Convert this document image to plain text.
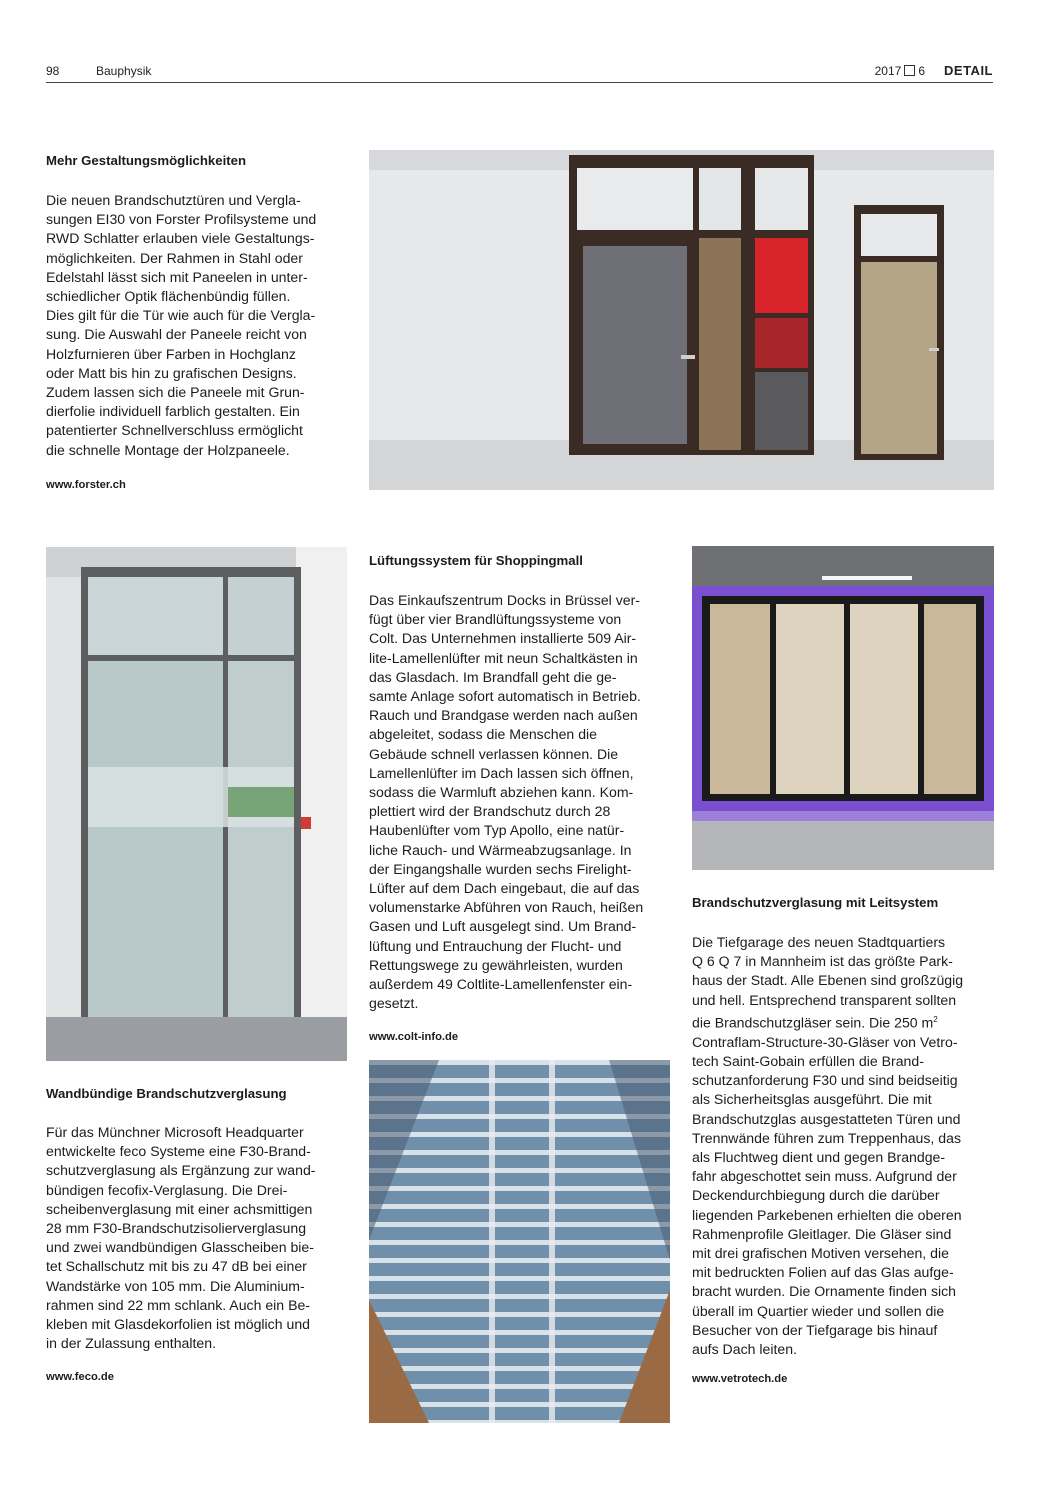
98	Bauphysik	2017 6 DETAIL
Mehr Gestaltungsmöglichkeiten

Die neuen Brandschutztüren und Vergla-
sungen EI30 von Forster Profilsysteme und
RWD Schlatter erlauben viele Gestaltungs-
möglichkeiten. Der Rahmen in Stahl oder
Edelstahl lässt sich mit Paneelen in unter-
schiedlicher Optik flächenbündig füllen.
Dies gilt für die Tür wie auch für die Vergla-
sung. Die Auswahl der Paneele reicht von
Holzfurnieren über Farben in Hochglanz
oder Matt bis hin zu grafischen Designs.
Zudem lassen sich die Paneele mit Grun-
dierfolie individuell farblich gestalten. Ein
patentierter Schnellverschluss ermöglicht
die schnelle Montage der Holzpaneele.

www.forster.ch
Lüftungssystem für Shoppingmall

Das Einkaufszentrum Docks in Brüssel ver-
fügt über vier Brandlüftungssysteme von
Colt. Das Unternehmen installierte 509 Air-
lite-Lamellenlüfter mit neun Schaltkästen in
das Glasdach. Im Brandfall geht die ge-
samte Anlage sofort automatisch in Betrieb.
Rauch und Brandgase werden nach außen
abgeleitet, sodass die Menschen die
Gebäude schnell verlassen können. Die
Lamellenlüfter im Dach lassen sich öffnen,
sodass die Warmluft abziehen kann. Kom-
plettiert wird der Brandschutz durch 28
Haubenlüfter vom Typ Apollo, eine natür-
liche Rauch- und Wärmeabzugsanlage. In
der Eingangshalle wurden sechs Firelight-
Lüfter auf dem Dach eingebaut, die auf das
volumenstarke Abführen von Rauch, heißen
Gasen und Luft ausgelegt sind. Um Brand-
lüftung und Entrauchung der Flucht- und
Rettungswege zu gewährleisten, wurden
außerdem 49 Coltlite-Lamellenfenster ein-
gesetzt.

www.colt-info.de
Brandschutzverglasung mit Leitsystem

Die Tiefgarage des neuen Stadtquartiers
Q 6 Q 7 in Mannheim ist das größte Park-
haus der Stadt. Alle Ebenen sind großzügig
und hell. Entsprechend transparent sollten
die Brandschutzgläser sein. Die 250 $m^2$
Contraflam-Structure-30-Gläser von Vetro-
tech Saint-Gobain erfüllen die Brand-
schutzanforderung F30 und sind beidseitig
als Sicherheitsglas ausgeführt. Die mit
Brandschutzglas ausgestatteten Türen und
Trennwände führen zum Treppenhaus, das
als Fluchtweg dient und gegen Brandge-
fahr abgeschottet sein muss. Aufgrund der
Deckendurchbiegung durch die darüber
liegenden Parkebenen erhielten die oberen
Rahmenprofile Gleitlager. Die Gläser sind
mit drei grafischen Motiven versehen, die
mit bedruckten Folien auf das Glas aufge-
bracht wurden. Die Ornamente finden sich
überall im Quartier wieder und sollen die
Besucher von der Tiefgarage bis hinauf
aufs Dach leiten.

www.vetrotech.de
Wandbündige Brandschutzverglasung

Für das Münchner Microsoft Headquarter
entwickelte feco Systeme eine F30-Brand-
schutzverglasung als Ergänzung zur wand-
bündigen fecofix-Verglasung. Die Drei-
scheibenverglasung mit einer achsmittigen
28 mm F30-Brandschutzisolierverglasung
und zwei wandbündigen Glasscheiben bie-
tet Schallschutz mit bis zu 47 dB bei einer
Wandstärke von 105 mm. Die Aluminium-
rahmen sind 22 mm schlank. Auch ein Be-
kleben mit Glasdekorfolien ist möglich und
in der Zulassung enthalten.

www.feco.de
